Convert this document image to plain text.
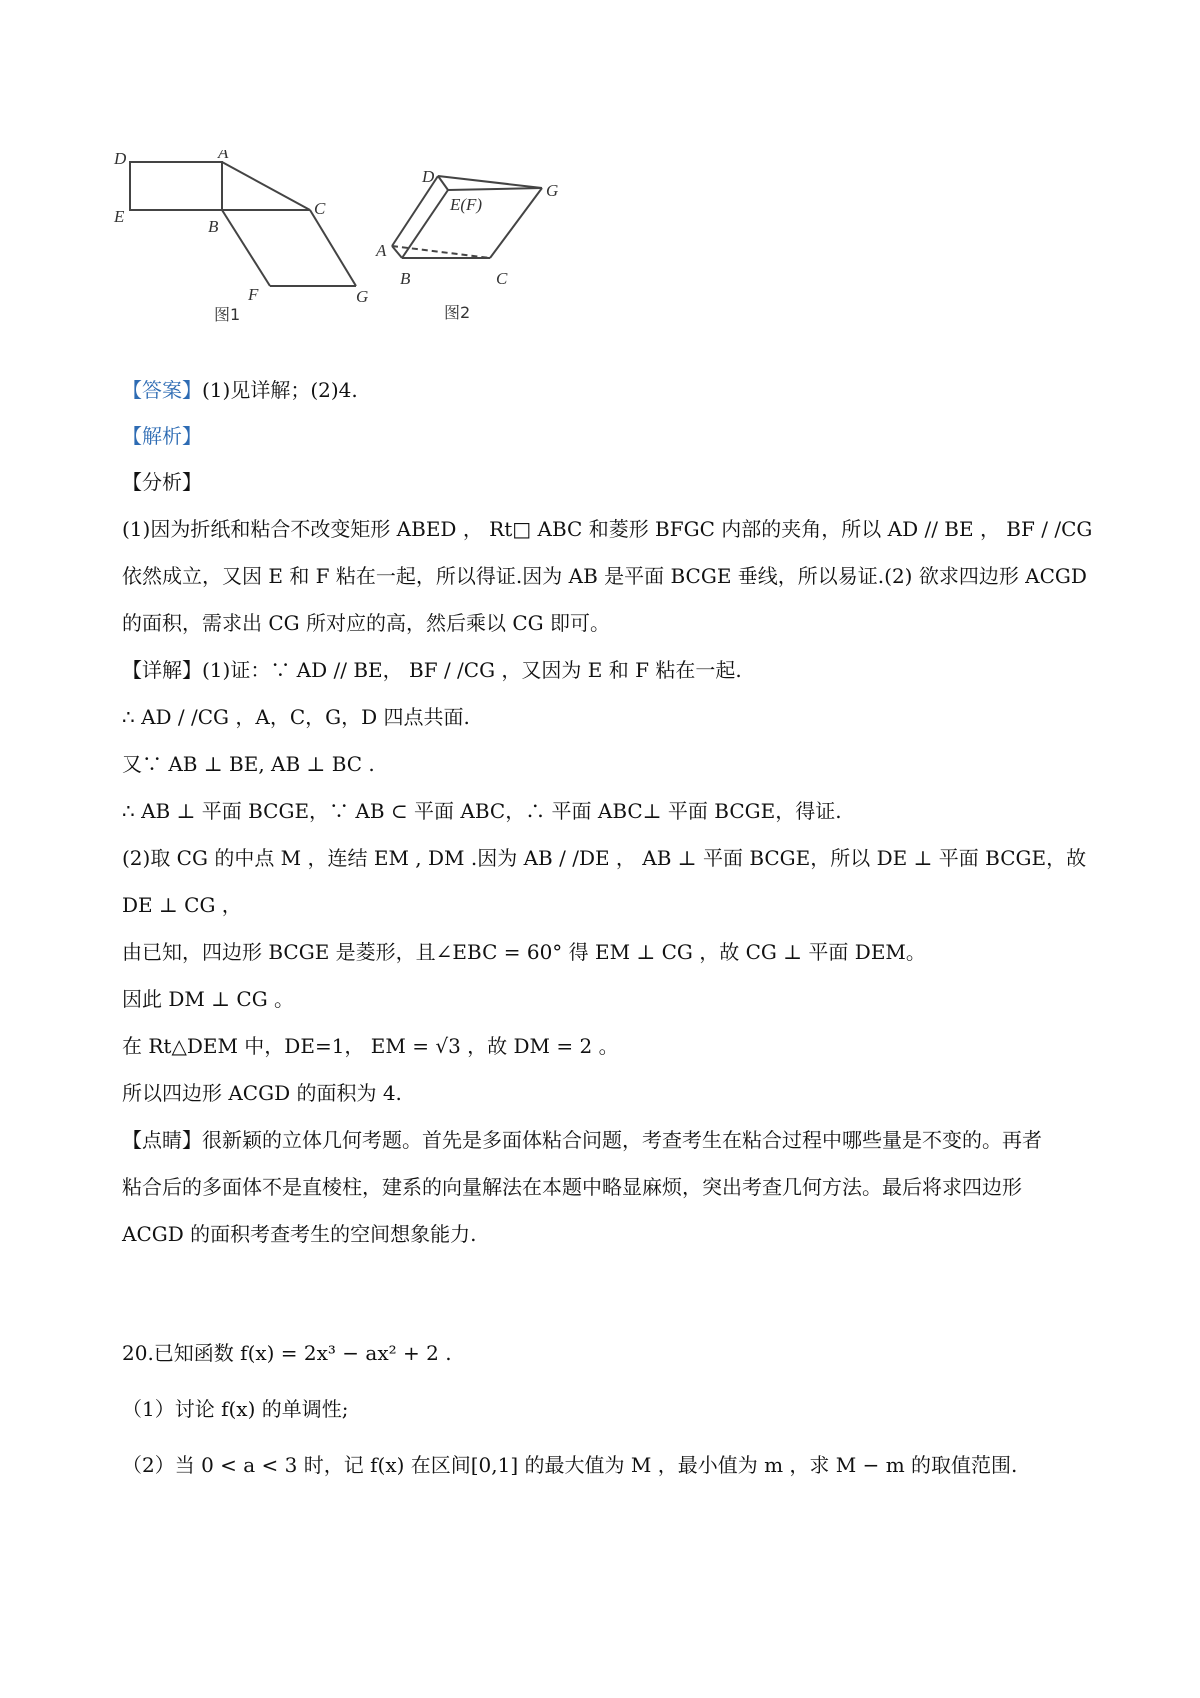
D	A
E
B
C
F	G
D
E(F)
G
A
B	C
图1	图2
【答案】(1)见详解；(2)4.
【解析】
【分析】
(1)因为折纸和粘合不改变矩形 ABED ， Rt□ ABC 和菱形 BFGC 内部的夹角，所以 AD // BE ， BF / /CG
依然成立，又因 E 和 F 粘在一起，所以得证.因为 AB 是平面 BCGE 垂线，所以易证.(2) 欲求四边形 ACGD
的面积，需求出 CG 所对应的高，然后乘以 CG 即可。
【详解】(1)证：∵ AD // BE， BF / /CG ，又因为 E 和 F 粘在一起.
∴ AD / /CG ，A，C，G，D 四点共面.
又∵ AB ⊥ BE, AB ⊥ BC .
∴ AB ⊥ 平面 BCGE，∵ AB ⊂ 平面 ABC，∴ 平面 ABC⊥ 平面 BCGE，得证.
(2)取 CG 的中点 M ，连结 EM , DM .因为 AB / /DE ， AB ⊥ 平面 BCGE，所以 DE ⊥ 平面 BCGE，故
DE ⊥ CG ，
由已知，四边形 BCGE 是菱形，且∠EBC = 60° 得 EM ⊥ CG ，故 CG ⊥ 平面 DEM。
因此 DM ⊥ CG 。
在 Rt△DEM 中，DE=1， EM = √3 ，故 DM = 2 。
所以四边形 ACGD 的面积为 4.
【点睛】很新颖的立体几何考题。首先是多面体粘合问题，考查考生在粘合过程中哪些量是不变的。再者
粘合后的多面体不是直棱柱，建系的向量解法在本题中略显麻烦，突出考查几何方法。最后将求四边形
ACGD 的面积考查考生的空间想象能力.
20.已知函数 f(x) = 2x³ − ax² + 2 .
（1）讨论 f(x) 的单调性;
（2）当 0 < a < 3 时，记 f(x) 在区间[0,1] 的最大值为 M ，最小值为 m ，求 M − m 的取值范围.
